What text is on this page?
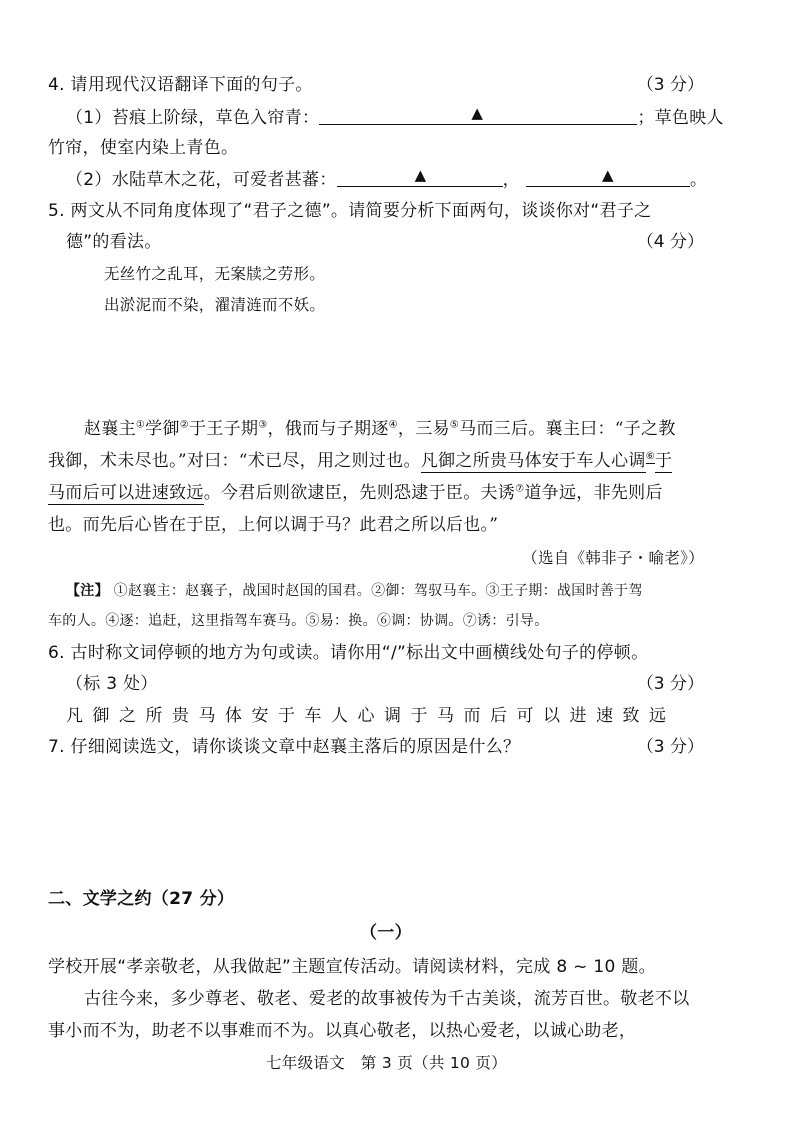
4. 请用现代汉语翻译下面的句子。	（3 分）
（1）苔痕上阶绿，草色入帘青：	▲	；草色映人
竹帘，使室内染上青色。
（2）水陆草木之花，可爱者甚蕃：	▲	，	▲	。
5. 两文从不同角度体现了“君子之德”。请简要分析下面两句，谈谈你对“君子之
德”的看法。	（4 分）
无丝竹之乱耳，无案牍之劳形。
出淤泥而不染，濯清涟而不妖。
赵襄主①学御②于王子期③，俄而与子期逐④，三易⑤马而三后。襄主曰：“子之教
我御，术未尽也。”对曰：“术已尽，用之则过也。凡御之所贵马体安于车人心调⑥于
马而后可以进速致远。今君后则欲逮臣，先则恐逮于臣。夫诱⑦道争远，非先则后
也。而先后心皆在于臣，上何以调于马？此君之所以后也。”
（选自《韩非子・喻老》）
【注】 ①赵襄主：赵襄子，战国时赵国的国君。②御：驾驭马车。③王子期：战国时善于驾
车的人。④逐：追赶，这里指驾车赛马。⑤易：换。⑥调：协调。⑦诱：引导。
6. 古时称文词停顿的地方为句或读。请你用“/”标出文中画横线处句子的停顿。
（标 3 处）	（3 分）
凡御之所贵马体安于车人心调于马而后可以进速致远
7. 仔细阅读选文，请你谈谈文章中赵襄主落后的原因是什么？	（3 分）
二、文学之约（27 分）
（一）
学校开展“孝亲敬老，从我做起”主题宣传活动。请阅读材料，完成 8 ~ 10 题。
古往今来，多少尊老、敬老、爱老的故事被传为千古美谈，流芳百世。敬老不以
事小而不为，助老不以事难而不为。以真心敬老，以热心爱老，以诚心助老，
七年级语文　第 3 页（共 10 页）
